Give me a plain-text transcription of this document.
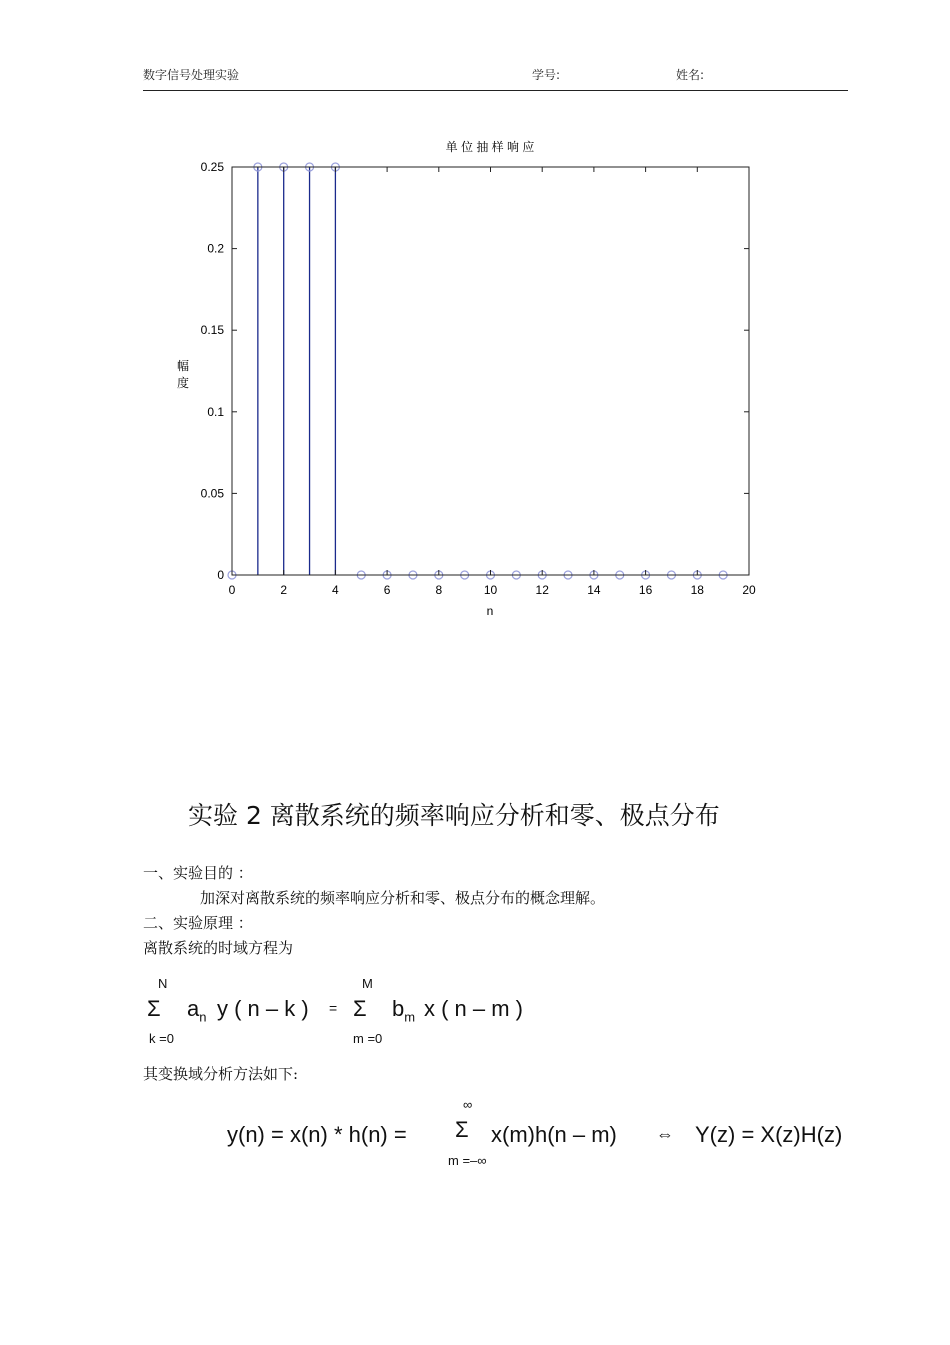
数字信号处理实验	学号:	姓名:
0	2	4	6	8	10	12	14	16	18	20
0
0.05
0.1
0.15
0.2
0.25
单 位 抽 样 响 应
n
幅度
实验 2 离散系统的频率响应分析和零、极点分布
一、实验目的 ：
加深对离散系统的频率响应分析和零、极点分布的概念理解。
二、实验原理 ：
离散系统的时域方程为
N
Σ
k =0
$a_n$ y ( n – k ) =
M
Σ
m =0
$b_m$ x ( n – m )
其变换域分析方法如下:
y(n) = x(n) * h(n) =
∞
Σ
m =–∞
x(m)h(n – m) ⇔ Y(z) = X(z)H(z)
